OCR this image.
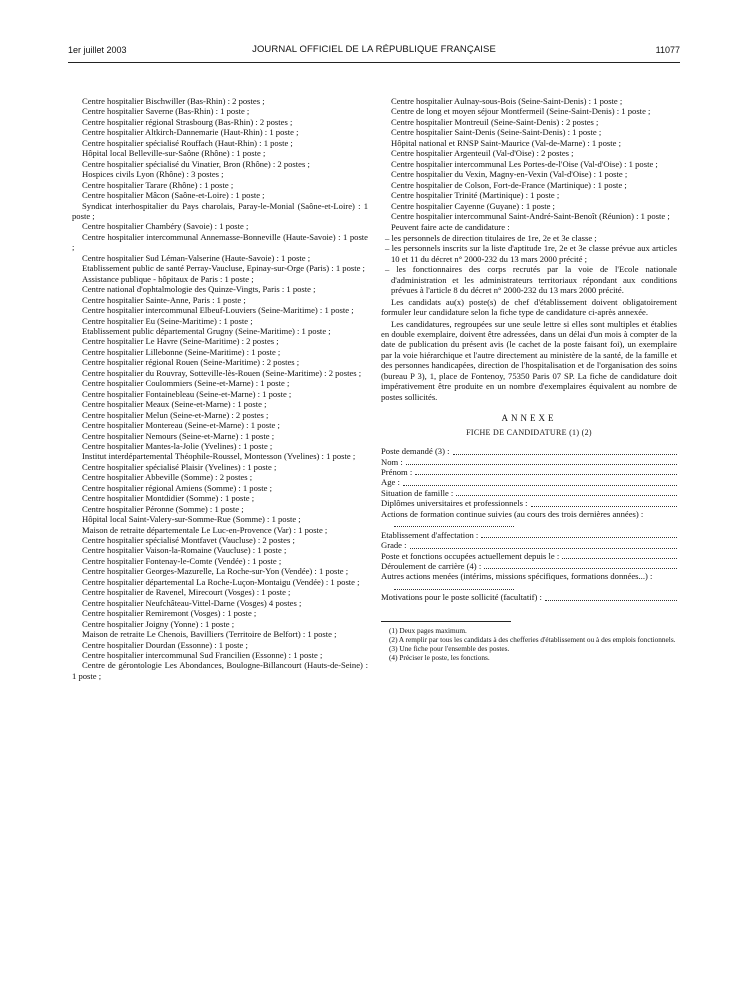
1er juillet 2003	JOURNAL OFFICIEL DE LA RÉPUBLIQUE FRANÇAISE	11077
Centre hospitalier Bischwiller (Bas-Rhin) : 2 postes ;
Centre hospitalier Saverne (Bas-Rhin) : 1 poste ;
Centre hospitalier régional Strasbourg (Bas-Rhin) : 2 postes ;
Centre hospitalier Altkirch-Dannemarie (Haut-Rhin) : 1 poste ;
Centre hospitalier spécialisé Rouffach (Haut-Rhin) : 1 poste ;
Hôpital local Belleville-sur-Saône (Rhône) : 1 poste ;
Centre hospitalier spécialisé du Vinatier, Bron (Rhône) : 2 postes ;
Hospices civils Lyon (Rhône) : 3 postes ;
Centre hospitalier Tarare (Rhône) : 1 poste ;
Centre hospitalier Mâcon (Saône-et-Loire) : 1 poste ;
Syndicat interhospitalier du Pays charolais, Paray-le-Monial (Saône-et-Loire) : 1 poste ;
Centre hospitalier Chambéry (Savoie) : 1 poste ;
Centre hospitalier intercommunal Annemasse-Bonneville (Haute-Savoie) : 1 poste ;
Centre hospitalier Sud Léman-Valserine (Haute-Savoie) : 1 poste ;
Etablissement public de santé Perray-Vaucluse, Epinay-sur-Orge (Paris) : 1 poste ;
Assistance publique - hôpitaux de Paris : 1 poste ;
Centre national d'ophtalmologie des Quinze-Vingts, Paris : 1 poste ;
Centre hospitalier Sainte-Anne, Paris : 1 poste ;
Centre hospitalier intercommunal Elbeuf-Louviers (Seine-Maritime) : 1 poste ;
Centre hospitalier Eu (Seine-Maritime) : 1 poste ;
Etablissement public départemental Grugny (Seine-Maritime) : 1 poste ;
Centre hospitalier Le Havre (Seine-Maritime) : 2 postes ;
Centre hospitalier Lillebonne (Seine-Maritime) : 1 poste ;
Centre hospitalier régional Rouen (Seine-Maritime) : 2 postes ;
Centre hospitalier du Rouvray, Sotteville-lès-Rouen (Seine-Maritime) : 2 postes ;
Centre hospitalier Coulommiers (Seine-et-Marne) : 1 poste ;
Centre hospitalier Fontainebleau (Seine-et-Marne) : 1 poste ;
Centre hospitalier Meaux (Seine-et-Marne) : 1 poste ;
Centre hospitalier Melun (Seine-et-Marne) : 2 postes ;
Centre hospitalier Montereau (Seine-et-Marne) : 1 poste ;
Centre hospitalier Nemours (Seine-et-Marne) : 1 poste ;
Centre hospitalier Mantes-la-Jolie (Yvelines) : 1 poste ;
Institut interdépartemental Théophile-Roussel, Montesson (Yvelines) : 1 poste ;
Centre hospitalier spécialisé Plaisir (Yvelines) : 1 poste ;
Centre hospitalier Abbeville (Somme) : 2 postes ;
Centre hospitalier régional Amiens (Somme) : 1 poste ;
Centre hospitalier Montdidier (Somme) : 1 poste ;
Centre hospitalier Péronne (Somme) : 1 poste ;
Hôpital local Saint-Valery-sur-Somme-Rue (Somme) : 1 poste ;
Maison de retraite départementale Le Luc-en-Provence (Var) : 1 poste ;
Centre hospitalier spécialisé Montfavet (Vaucluse) : 2 postes ;
Centre hospitalier Vaison-la-Romaine (Vaucluse) : 1 poste ;
Centre hospitalier Fontenay-le-Comte (Vendée) : 1 poste ;
Centre hospitalier Georges-Mazurelle, La Roche-sur-Yon (Vendée) : 1 poste ;
Centre hospitalier départemental La Roche-Luçon-Montaigu (Vendée) : 1 poste ;
Centre hospitalier de Ravenel, Mirecourt (Vosges) : 1 poste ;
Centre hospitalier Neufchâteau-Vittel-Darne (Vosges) 4 postes ;
Centre hospitalier Remiremont (Vosges) : 1 poste ;
Centre hospitalier Joigny (Yonne) : 1 poste ;
Maison de retraite Le Chenois, Bavilliers (Territoire de Belfort) : 1 poste ;
Centre hospitalier Dourdan (Essonne) : 1 poste ;
Centre hospitalier intercommunal Sud Francilien (Essonne) : 1 poste ;
Centre de gérontologie Les Abondances, Boulogne-Billancourt (Hauts-de-Seine) : 1 poste ;
Centre hospitalier Aulnay-sous-Bois (Seine-Saint-Denis) : 1 poste ;
Centre de long et moyen séjour Montfermeil (Seine-Saint-Denis) : 1 poste ;
Centre hospitalier Montreuil (Seine-Saint-Denis) : 2 postes ;
Centre hospitalier Saint-Denis (Seine-Saint-Denis) : 1 poste ;
Hôpital national et RNSP Saint-Maurice (Val-de-Marne) : 1 poste ;
Centre hospitalier Argenteuil (Val-d'Oise) : 2 postes ;
Centre hospitalier intercommunal Les Portes-de-l'Oise (Val-d'Oise) : 1 poste ;
Centre hospitalier du Vexin, Magny-en-Vexin (Val-d'Oise) : 1 poste ;
Centre hospitalier de Colson, Fort-de-France (Martinique) : 1 poste ;
Centre hospitalier Trinité (Martinique) : 1 poste ;
Centre hospitalier Cayenne (Guyane) : 1 poste ;
Centre hospitalier intercommunal Saint-André-Saint-Benoît (Réunion) : 1 poste ;
Peuvent faire acte de candidature :
– les personnels de direction titulaires de 1re, 2e et 3e classe ;
– les personnels inscrits sur la liste d'aptitude 1re, 2e et 3e classe prévue aux articles 10 et 11 du décret n° 2000-232 du 13 mars 2000 précité ;
– les fonctionnaires des corps recrutés par la voie de l'Ecole nationale d'administration et les administrateurs territoriaux répondant aux conditions prévues à l'article 8 du décret n° 2000-232 du 13 mars 2000 précité.
Les candidats au(x) poste(s) de chef d'établissement doivent obligatoirement formuler leur candidature selon la fiche type de candidature ci-après annexée.
Les candidatures, regroupées sur une seule lettre si elles sont multiples et établies en double exemplaire, doivent être adressées, dans un délai d'un mois à compter de la date de publication du présent avis (le cachet de la poste faisant foi), un exemplaire par la voie hiérarchique et l'autre directement au ministère de la santé, de la famille et des personnes handicapées, direction de l'hospitalisation et de l'organisation des soins (bureau P 3), 1, place de Fontenoy, 75350 Paris 07 SP. La fiche de candidature doit impérativement être produite en un nombre d'exemplaires équivalent au nombre de postes sollicités.
ANNEXE
FICHE DE CANDIDATURE (1) (2)
Poste demandé (3) :
Nom :
Prénom :
Age :
Situation de famille :
Diplômes universitaires et professionnels :
Actions de formation continue suivies (au cours des trois dernières années) :
Etablissement d'affectation :
Grade :
Poste et fonctions occupées actuellement depuis le :
Déroulement de carrière (4) :
Autres actions menées (intérims, missions spécifiques, formations données...) :
Motivations pour le poste sollicité (facultatif) :
(1) Deux pages maximum.
(2) A remplir par tous les candidats à des chefferies d'établissement ou à des emplois fonctionnels.
(3) Une fiche pour l'ensemble des postes.
(4) Préciser le poste, les fonctions.
